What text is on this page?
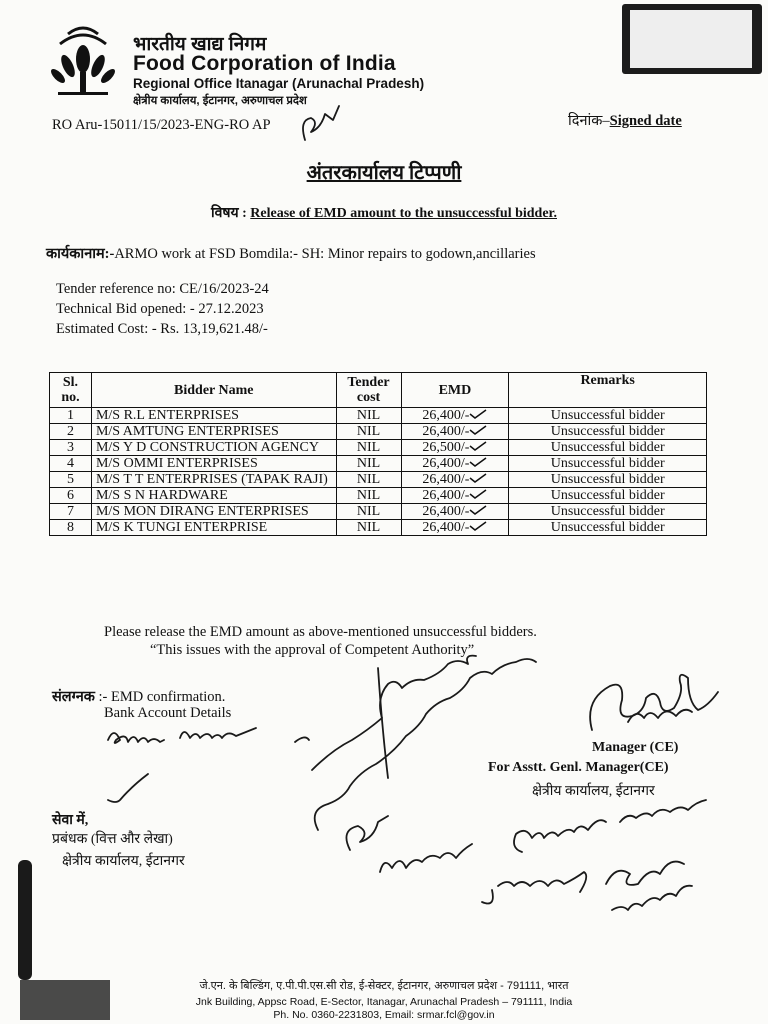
भारतीय खाद्य निगम
Food Corporation of India
Regional Office Itanagar (Arunachal Pradesh)
क्षेत्रीय कार्यालय, ईटानगर, अरुणाचल प्रदेश
RO Aru-15011/15/2023-ENG-RO AP	दिनांक–Signed date
अंतरकार्यालय टिप्पणी
विषय : Release of EMD amount to the unsuccessful bidder.
कार्यकानाम:-ARMO work at FSD Bomdila:- SH: Minor repairs to godown,ancillaries
Tender reference no: CE/16/2023-24
Technical Bid opened: - 27.12.2023
Estimated Cost: - Rs. 13,19,621.48/-
Sl. no.	Bidder Name	Tender cost	EMD	Remarks
1	M/S R.L ENTERPRISES	NIL	26,400/-	Unsuccessful bidder
2	M/S AMTUNG ENTERPRISES	NIL	26,400/-	Unsuccessful bidder
3	M/S Y D CONSTRUCTION AGENCY	NIL	26,500/-	Unsuccessful bidder
4	M/S OMMI ENTERPRISES	NIL	26,400/-	Unsuccessful bidder
5	M/S T T ENTERPRISES (TAPAK RAJI)	NIL	26,400/-	Unsuccessful bidder
6	M/S S N HARDWARE	NIL	26,400/-	Unsuccessful bidder
7	M/S MON DIRANG ENTERPRISES	NIL	26,400/-	Unsuccessful bidder
8	M/S K TUNGI ENTERPRISE	NIL	26,400/-	Unsuccessful bidder
Please release the EMD amount as above-mentioned unsuccessful bidders.
“This issues with the approval of Competent Authority”
संलग्नक :- EMD confirmation.
Bank Account Details
Manager (CE)
For Asstt. Genl. Manager(CE)
क्षेत्रीय कार्यालय, ईटानगर
सेवा में,
प्रबंधक (वित्त और लेखा)
क्षेत्रीय कार्यालय, ईटानगर
जे.एन. के बिल्डिंग, ए.पी.पी.एस.सी रोड, ई-सेक्टर, ईटानगर, अरुणाचल प्रदेश - 791111, भारत
Jnk Building, Appsc Road, E-Sector, Itanagar, Arunachal Pradesh – 791111, India
Ph. No. 0360-2231803, Email: srmar.fcl@gov.in
